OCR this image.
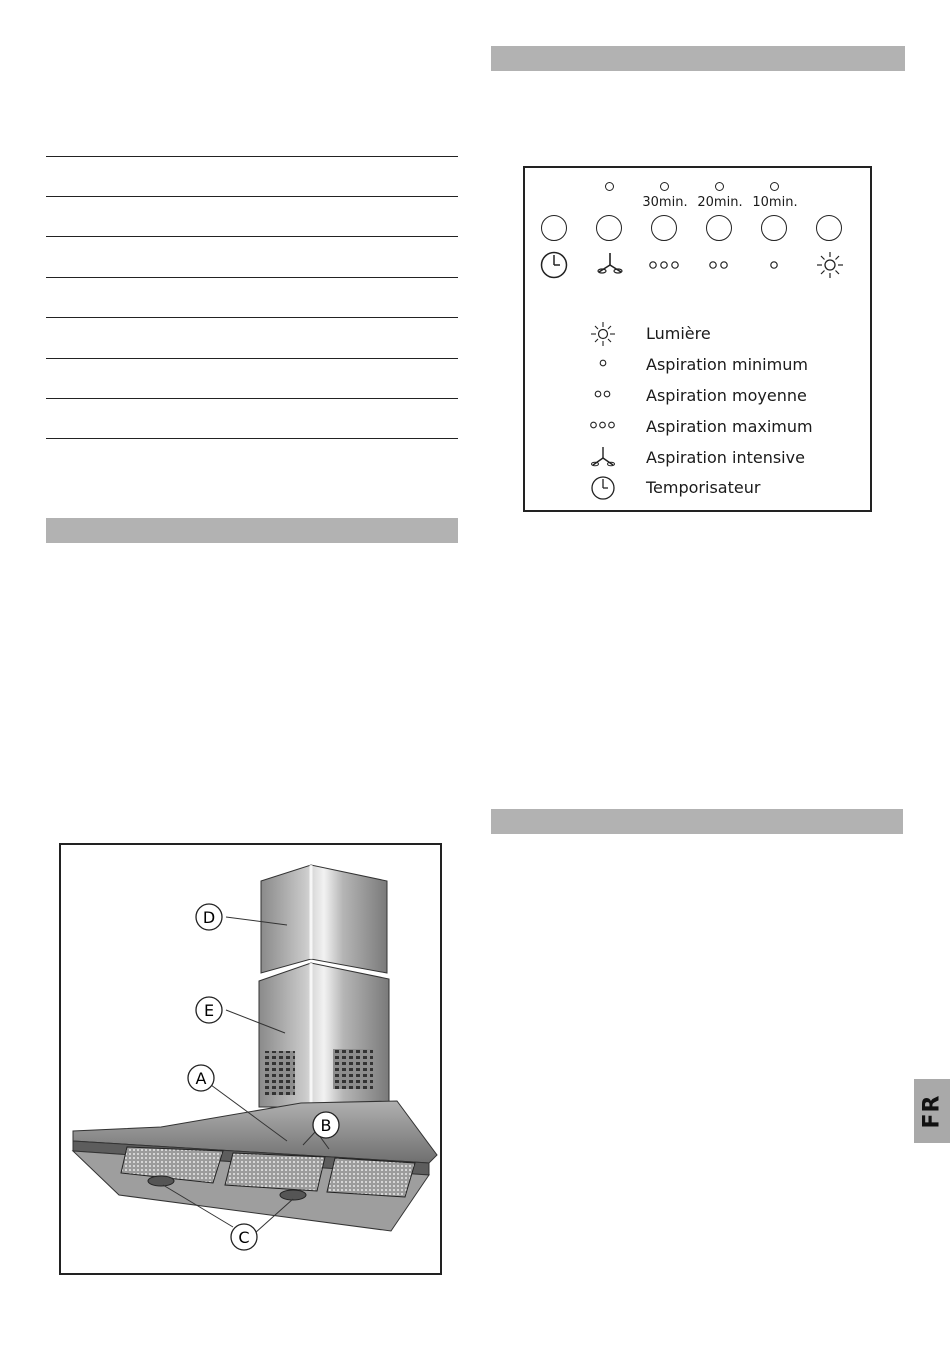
30min. 20min. 10min.
Lumière
Aspiration minimum
Aspiration moyenne
Aspiration maximum
Aspiration intensive
Temporisateur
D
E
A
B
C
FR
